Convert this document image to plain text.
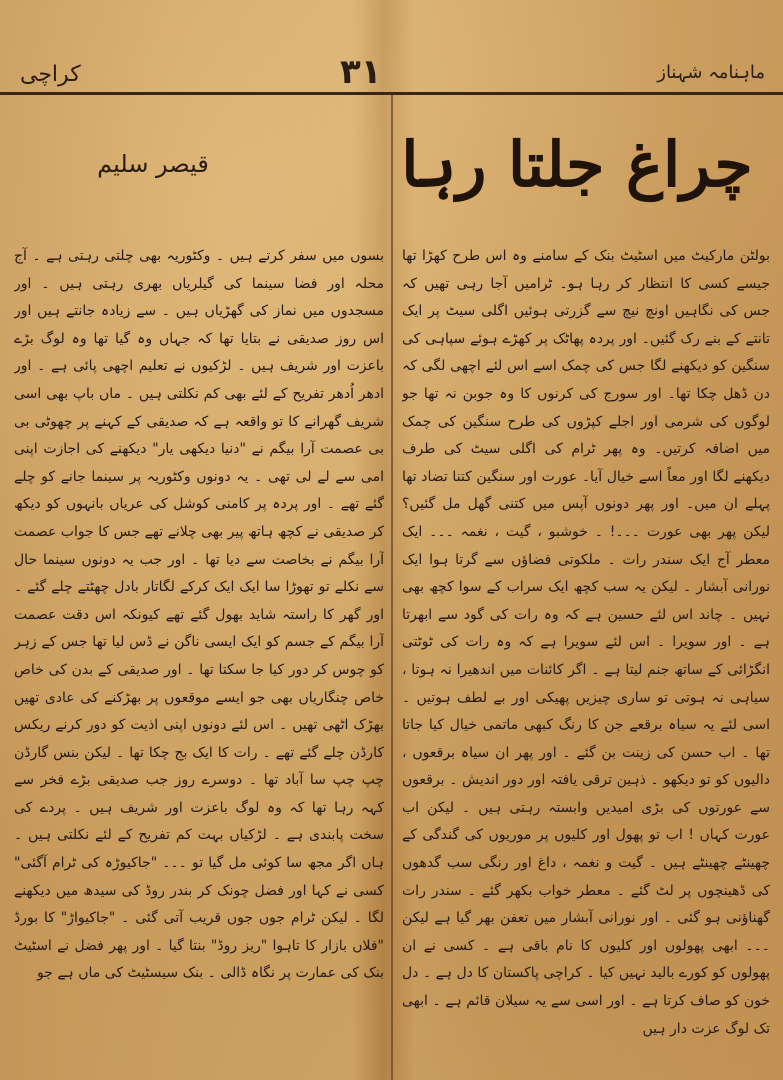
کراچی	۳۱	ماہنامہ شہناز
چراغ جلتا رہا
قیصر سلیم

بولٹن مارکیٹ میں اسٹیٹ بنک کے سامنے وہ اس طرح کھڑا تھا جیسے کسی کا انتظار کر رہا ہو۔ ٹرامیں آجا رہی تھیں کہ جس کی نگاہیں اونچ نیچ سے گزرتی ہوئیں اگلی سیٹ پر ایک تانتے کے بنے رک گئیں۔ اور پردہ پھاٹک پر کھڑے ہوئے سپاہی کی سنگین کو دیکھنے لگا جس کی چمک اسے اس لئے اچھی لگی کہ دن ڈھل چکا تھا۔ اور سورج کی کرنوں کا وہ جوبن نہ تھا جو لوگوں کی شرمی اور اجلے کپڑوں کی طرح سنگین کی چمک میں اضافہ کرتیں۔ وہ پھر ٹرام کی اگلی سیٹ کی طرف دیکھنے لگا اور معاً اسے خیال آیا۔ عورت اور سنگین کتنا تضاد تھا پہلے ان میں۔ اور پھر دونوں آپس میں کتنی گھل مل گئیں؟ لیکن پھر بھی عورت ۔۔۔! ۔ خوشبو ، گیت ، نغمہ ۔۔۔ ایک معطر آج ایک سندر رات ۔ ملکوتی فضاؤں سے گرتا ہوا ایک نورانی آبشار ۔ لیکن یہ سب کچھ ایک سراب کے سوا کچھ بھی نہیں ۔ چاند اس لئے حسین ہے کہ وہ رات کی گود سے ابھرتا ہے ۔ اور سویرا ۔ اس لئے سویرا ہے کہ وہ رات کی ٹوٹتی انگڑائی کے ساتھ جنم لیتا ہے ۔ اگر کائنات میں اندھیرا نہ ہوتا ، سیاہی نہ ہوتی تو ساری چیزیں پھیکی اور بے لطف ہوتیں ۔ اسی لئے یہ سیاہ برقعے جن کا رنگ کبھی ماتمی خیال کیا جاتا تھا ۔ اب حسن کی زینت بن گئے ۔ اور پھر ان سیاہ برقعوں ، دالیوں کو تو دیکھو ۔ ذہین ترقی یافتہ اور دور اندیش ۔ برقعوں سے عورتوں کی بڑی امیدیں وابستہ رہتی ہیں ۔ لیکن اب عورت کہاں ! اب تو پھول اور کلیوں پر موریوں کی گندگی کے چھینٹے چھینٹے ہیں ۔ گیت و نغمہ ، داغ اور رنگی سب گدھوں کی ڈھینچوں پر لٹ گئے ۔ معطر خواب بکھر گئے ۔ سندر رات گھناؤنی ہو گئی ۔ اور نورانی آبشار میں تعفن بھر گیا ہے لیکن ۔۔۔ ابھی پھولوں اور کلیوں کا نام باقی ہے ۔ کسی نے ان پھولوں کو کورے بالید نہیں کیا ۔ کراچی پاکستان کا دل ہے ۔ دل خون کو صاف کرتا ہے ۔ اور اسی سے یہ سیلان قائم ہے ۔ ابھی تک لوگ عزت دار ہیں

بسوں میں سفر کرتے ہیں ۔ وکٹوریہ بھی چلتی رہتی ہے ۔ آج محلہ اور فضا سینما کی گیلریاں بھری رہتی ہیں ۔ اور مسجدوں میں نماز کی گھڑیاں ہیں ۔ سے زیادہ جانتے ہیں اور اس روز صدیقی نے بتایا تھا کہ جہاں وہ گیا تھا وہ لوگ بڑے باعزت اور شریف ہیں ۔ لڑکیوں نے تعلیم اچھی پائی ہے ۔ اور ادھر اُدھر تفریح کے لئے بھی کم نکلتی ہیں ۔ ماں باپ بھی اسی شریف گھرانے کا تو واقعہ ہے کہ صدیقی کے کہنے پر چھوٹی بی بی عصمت آرا بیگم نے "دنیا دیکھی یار" دیکھنے کی اجازت اپنی امی سے لے لی تھی ۔ یہ دونوں وکٹوریہ پر سینما جانے کو چلے گئے تھے ۔ اور پردہ پر کامنی کوشل کی عریاں بانہوں کو دیکھ کر صدیقی نے کچھ ہاتھ پیر بھی چلانے تھے جس کا جواب عصمت آرا بیگم نے بخاصت سے دیا تھا ۔ اور جب یہ دونوں سینما حال سے نکلے تو تھوڑا سا ایک ایک کرکے لگاتار بادل چھٹتے چلے گئے ۔ اور گھر کا راستہ شاید بھول گئے تھے کیونکہ اس دقت عصمت آرا بیگم کے جسم کو ایک ایسی ناگن نے ڈس لیا تھا جس کے زہر کو چوس کر دور کیا جا سکتا تھا ۔ اور صدیقی کے بدن کی خاص خاص چنگاریاں بھی جو ایسے موقعوں پر بھڑکنے کی عادی تھیں بھڑک اٹھی تھیں ۔ اس لئے دونوں اپنی اذیت کو دور کرنے ریکس کارڈن چلے گئے تھے ۔ رات کا ایک بج چکا تھا ۔ لیکن بنس گارڈن چپ چپ سا آباد تھا ۔ دوسرے روز جب صدیقی بڑے فخر سے کہہ رہا تھا کہ وہ لوگ باعزت اور شریف ہیں ۔ پردے کی سخت پابندی ہے ۔ لڑکیاں بہت کم تفریح کے لئے نکلتی ہیں ۔ ہاں اگر مجھ سا کوئی مل گیا تو ۔۔۔ "جاکیوڑہ کی ٹرام آگئی" کسی نے کہا اور فضل چونک کر بندر روڈ کی سیدھ میں دیکھنے لگا ۔ لیکن ٹرام جوں جوں قریب آتی گئی ۔ "جاکیواڑ" کا بورڈ "فلاں بازار کا تاہوا "ریز روڈ" بنتا گیا ۔ اور پھر فضل نے اسٹیٹ بنک کی عمارت پر نگاہ ڈالی ۔ بنک سیسٹیٹ کی ماں ہے جو
